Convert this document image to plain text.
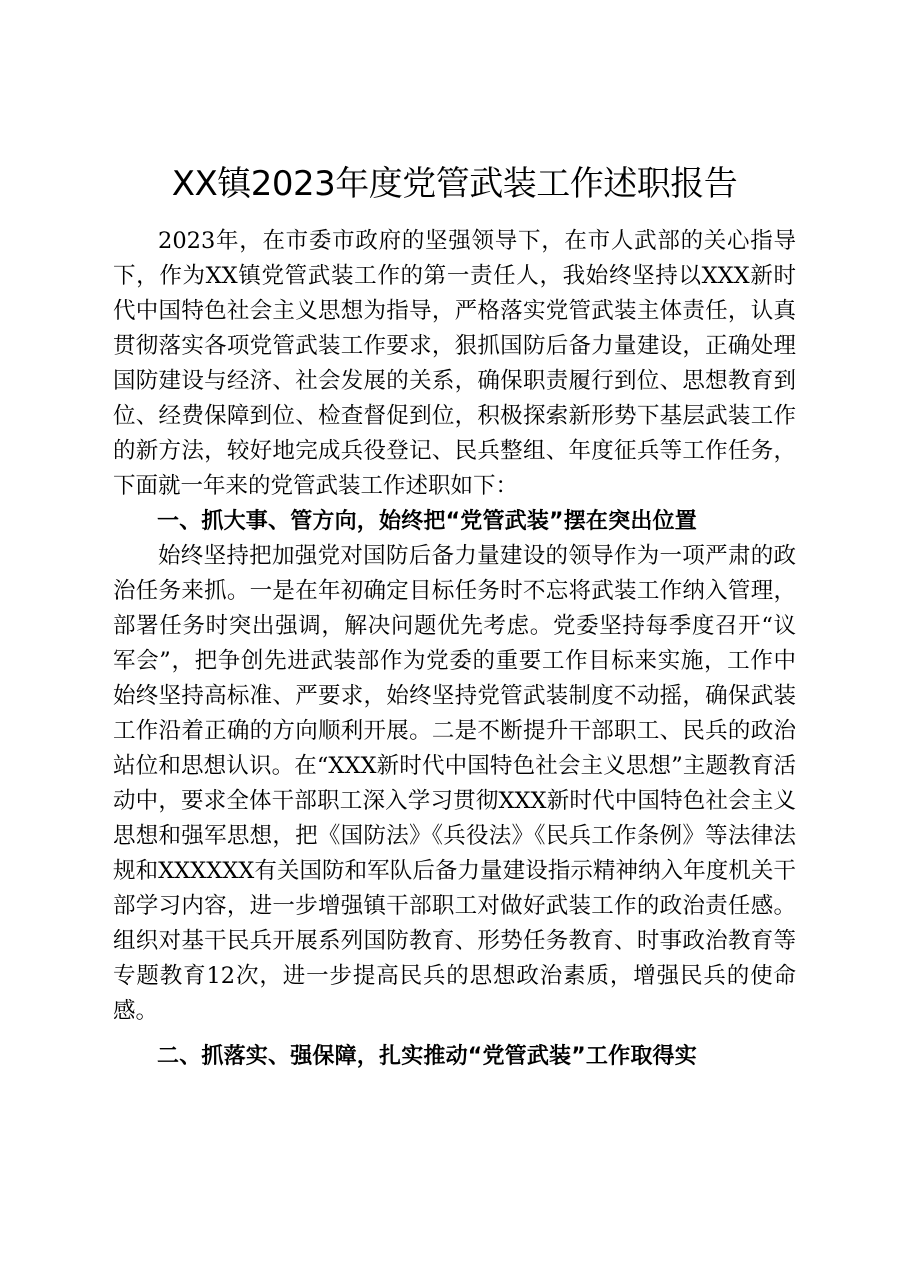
XX镇2023年度党管武装工作述职报告

2023年，在市委市政府的坚强领导下，在市人武部的关心指导下，作为XX镇党管武装工作的第一责任人，我始终坚持以XXX新时代中国特色社会主义思想为指导，严格落实党管武装主体责任，认真贯彻落实各项党管武装工作要求，狠抓国防后备力量建设，正确处理国防建设与经济、社会发展的关系，确保职责履行到位、思想教育到位、经费保障到位、检查督促到位，积极探索新形势下基层武装工作的新方法，较好地完成兵役登记、民兵整组、年度征兵等工作任务，下面就一年来的党管武装工作述职如下：

一、抓大事、管方向，始终把“党管武装”摆在突出位置

始终坚持把加强党对国防后备力量建设的领导作为一项严肃的政治任务来抓。一是在年初确定目标任务时不忘将武装工作纳入管理，部署任务时突出强调，解决问题优先考虑。党委坚持每季度召开“议军会”，把争创先进武装部作为党委的重要工作目标来实施，工作中始终坚持高标准、严要求，始终坚持党管武装制度不动摇，确保武装工作沿着正确的方向顺利开展。二是不断提升干部职工、民兵的政治站位和思想认识。在“XXX新时代中国特色社会主义思想”主题教育活动中，要求全体干部职工深入学习贯彻XXX新时代中国特色社会主义思想和强军思想，把《国防法》《兵役法》《民兵工作条例》等法律法规和XXXXXX有关国防和军队后备力量建设指示精神纳入年度机关干部学习内容，进一步增强镇干部职工对做好武装工作的政治责任感。组织对基干民兵开展系列国防教育、形势任务教育、时事政治教育等专题教育12次，进一步提高民兵的思想政治素质，增强民兵的使命感。

二、抓落实、强保障，扎实推动“党管武装”工作取得实
